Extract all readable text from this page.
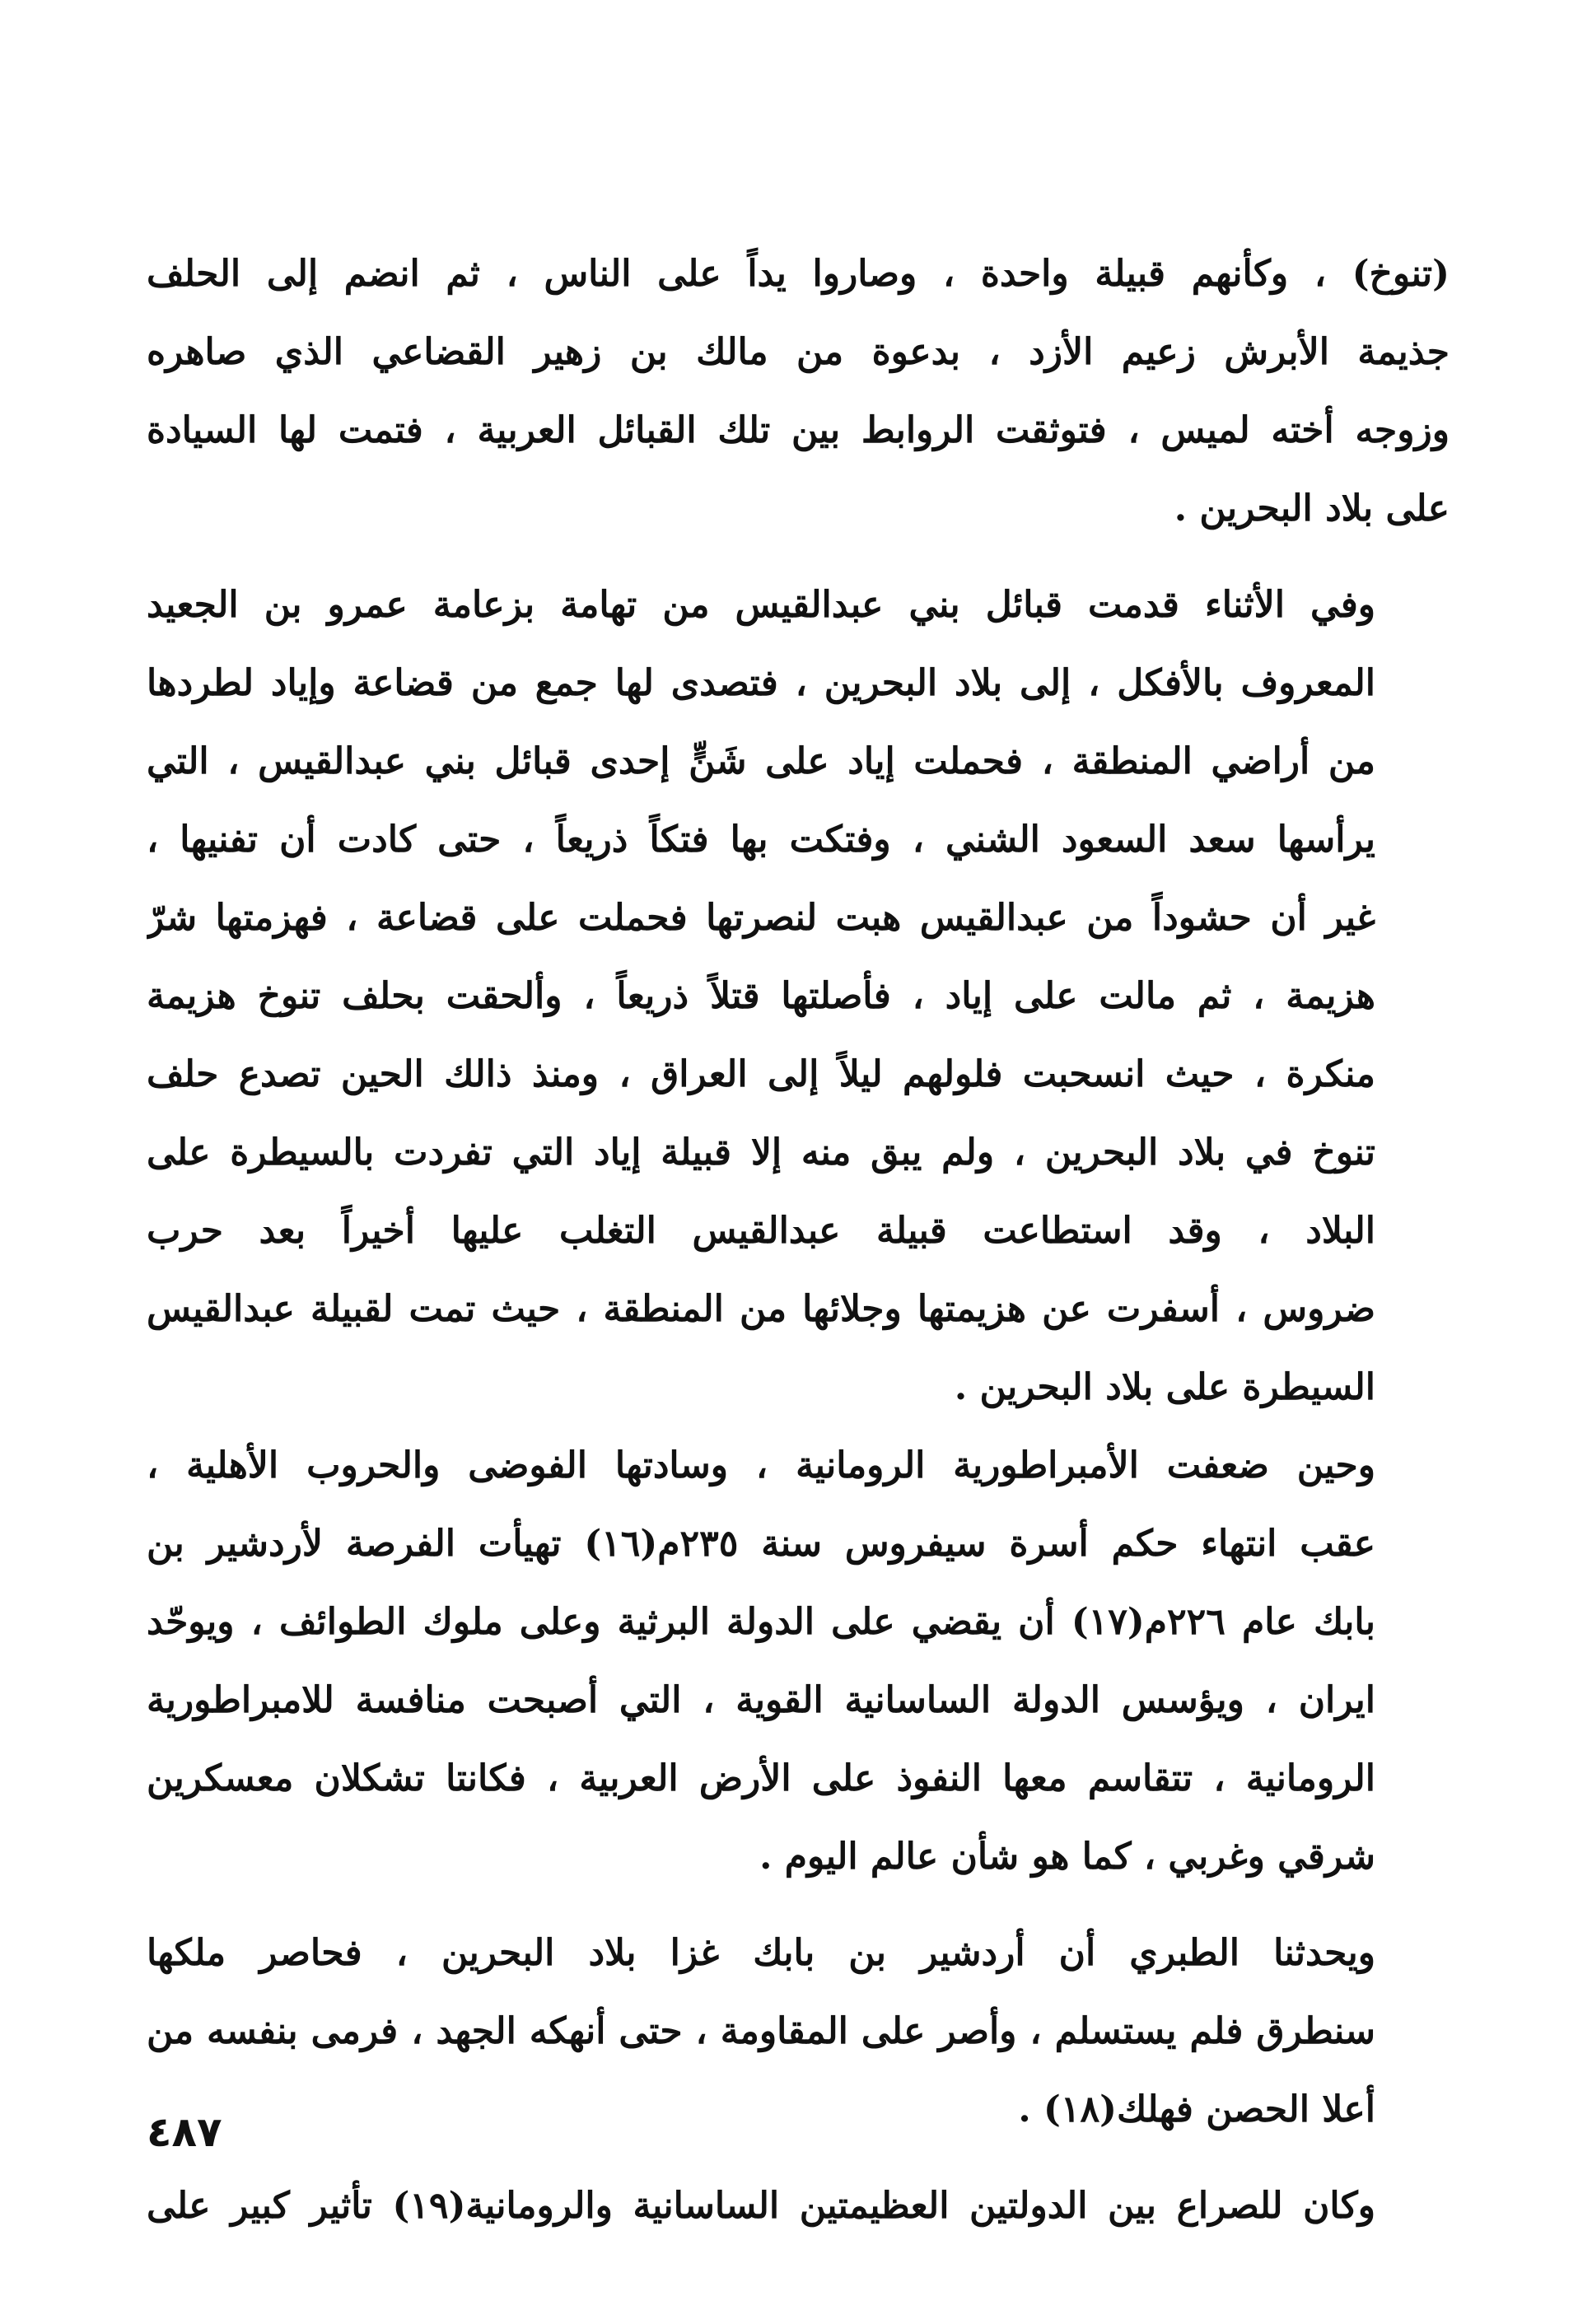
(تنوخ) ، وكأنهم قبيلة واحدة ، وصاروا يداً على الناس ، ثم انضم إلى الحلف
جذيمة الأبرش زعيم الأزد ، بدعوة من مالك بن زهير القضاعي الذي صاهره
وزوجه أخته لميس ، فتوثقت الروابط بين تلك القبائل العربية ، فتمت لها السيادة
على بلاد البحرين .

وفي الأثناء قدمت قبائل بني عبدالقيس من تهامة بزعامة عمرو بن الجعيد
المعروف بالأفكل ، إلى بلاد البحرين ، فتصدى لها جمع من قضاعة وإياد لطردها
من أراضي المنطقة ، فحملت إياد على شَنٍّ إحدى قبائل بني عبدالقيس ، التي
يرأسها سعد السعود الشني ، وفتكت بها فتكاً ذريعاً ، حتى كادت أن تفنيها ،
غير أن حشوداً من عبدالقيس هبت لنصرتها فحملت على قضاعة ، فهزمتها شرّ
هزيمة ، ثم مالت على إياد ، فأصلتها قتلاً ذريعاً ، وألحقت بحلف تنوخ هزيمة
منكرة ، حيث انسحبت فلولهم ليلاً إلى العراق ، ومنذ ذالك الحين تصدع حلف
تنوخ في بلاد البحرين ، ولم يبق منه إلا قبيلة إياد التي تفردت بالسيطرة على
البلاد ، وقد استطاعت قبيلة عبدالقيس التغلب عليها أخيراً بعد حرب
ضروس ، أسفرت عن هزيمتها وجلائها من المنطقة ، حيث تمت لقبيلة عبدالقيس
السيطرة على بلاد البحرين .

وحين ضعفت الأمبراطورية الرومانية ، وسادتها الفوضى والحروب الأهلية ،
عقب انتهاء حكم أسرة سيفروس سنة ٢٣٥م(١٦) تهيأت الفرصة لأردشير بن
بابك عام ٢٢٦م(١٧) أن يقضي على الدولة البرثية وعلى ملوك الطوائف ، ويوحّد
ايران ، ويؤسس الدولة الساسانية القوية ، التي أصبحت منافسة للامبراطورية
الرومانية ، تتقاسم معها النفوذ على الأرض العربية ، فكانتا تشكلان معسكرين
شرقي وغربي ، كما هو شأن عالم اليوم .

ويحدثنا الطبري أن أردشير بن بابك غزا بلاد البحرين ، فحاصر ملكها
سنطرق فلم يستسلم ، وأصر على المقاومة ، حتى أنهكه الجهد ، فرمى بنفسه من
أعلا الحصن فهلك(١٨) .

وكان للصراع بين الدولتين العظيمتين الساسانية والرومانية(١٩) تأثير كبير على

٤٨٧
